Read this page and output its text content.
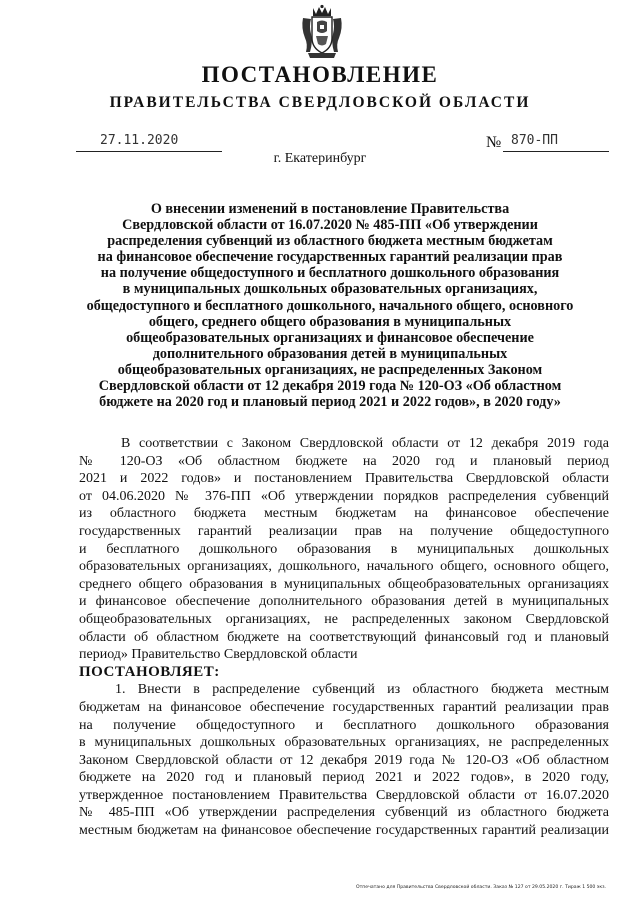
ПОСТАНОВЛЕНИЕ
ПРАВИТЕЛЬСТВА СВЕРДЛОВСКОЙ ОБЛАСТИ
27.11.2020	№ 870-ПП
г. Екатеринбург
О внесении изменений в постановление Правительства
Свердловской области от 16.07.2020 № 485-ПП «Об утверждении
распределения субвенций из областного бюджета местным бюджетам
на финансовое обеспечение государственных гарантий реализации прав
на получение общедоступного и бесплатного дошкольного образования
в муниципальных дошкольных образовательных организациях,
общедоступного и бесплатного дошкольного, начального общего, основного
общего, среднего общего образования в муниципальных
общеобразовательных организациях и финансовое обеспечение
дополнительного образования детей в муниципальных
общеобразовательных организациях, не распределенных Законом
Свердловской области от 12 декабря 2019 года № 120-ОЗ «Об областном
бюджете на 2020 год и плановый период 2021 и 2022 годов», в 2020 году»
В соответствии с Законом Свердловской области от 12 декабря 2019 года
№ 120-ОЗ «Об областном бюджете на 2020 год и плановый период
2021 и 2022 годов» и постановлением Правительства Свердловской области
от 04.06.2020 № 376-ПП «Об утверждении порядков распределения субвенций
из областного бюджета местным бюджетам на финансовое обеспечение
государственных гарантий реализации прав на получение общедоступного
и бесплатного дошкольного образования в муниципальных дошкольных
образовательных организациях, дошкольного, начального общего, основного общего,
среднего общего образования в муниципальных общеобразовательных организациях
и финансовое обеспечение дополнительного образования детей в муниципальных
общеобразовательных организациях, не распределенных законом Свердловской
области об областном бюджете на соответствующий финансовый год и плановый
период» Правительство Свердловской области
ПОСТАНОВЛЯЕТ:
1. Внести в распределение субвенций из областного бюджета местным
бюджетам на финансовое обеспечение государственных гарантий реализации прав
на получение общедоступного и бесплатного дошкольного образования
в муниципальных дошкольных образовательных организациях, не распределенных
Законом Свердловской области от 12 декабря 2019 года № 120-ОЗ «Об областном
бюджете на 2020 год и плановый период 2021 и 2022 годов», в 2020 году,
утвержденное постановлением Правительства Свердловской области от 16.07.2020
№ 485-ПП «Об утверждении распределения субвенций из областного бюджета
местным бюджетам на финансовое обеспечение государственных гарантий реализации
Отпечатано для Правительства Свердловской области. Заказ № 127 от 29.05.2020 г. Тираж 1 500 экз.
